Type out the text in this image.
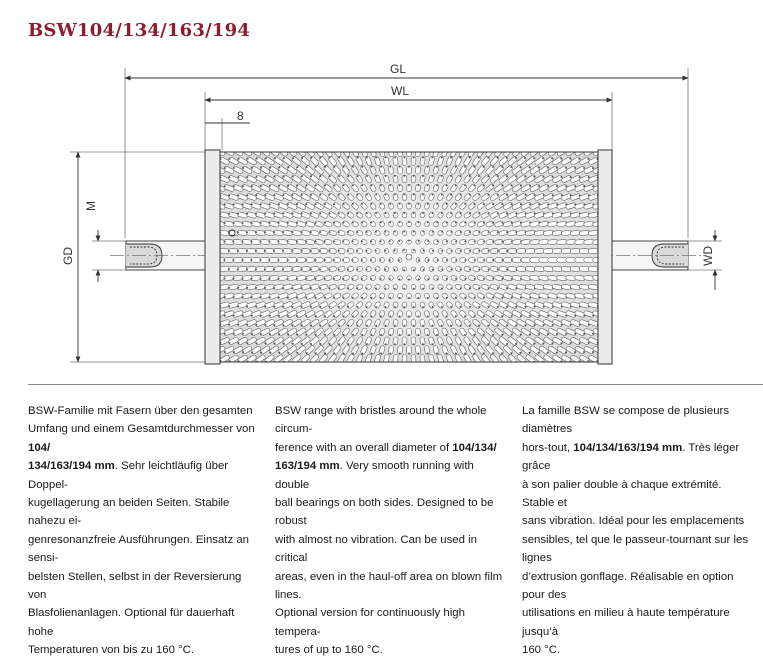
BSW104/134/163/194
GL
WL
8
M
GD	WD
BSW-Familie mit Fasern über den gesamten
Umfang und einem Gesamtdurchmesser von 104/
134/163/194 mm. Sehr leichtläufig über Doppel-
kugellagerung an beiden Seiten. Stabile nahezu ei-
genresonanzfreie Ausführungen. Einsatz an sensi-
belsten Stellen, selbst in der Reversierung von
Blasfolienanlagen. Optional für dauerhaft hohe
Temperaturen von bis zu 160 °C.
BSW range with bristles around the whole circum-
ference with an overall diameter of 104/134/
163/194 mm. Very smooth running with double
ball bearings on both sides. Designed to be robust
with almost no vibration. Can be used in critical
areas, even in the haul-off area on blown film lines.
Optional version for continuously high tempera-
tures of up to 160 °C.
La famille BSW se compose de plusieurs diamètres
hors-tout, 104/134/163/194 mm. Très léger grâce
à son palier double à chaque extrémité. Stable et
sans vibration. Idéal pour les emplacements
sensibles, tel que le passeur-tournant sur les lignes
d’extrusion gonflage. Réalisable en option pour des
utilisations en milieu à haute température jusqu’à
160 °C.
